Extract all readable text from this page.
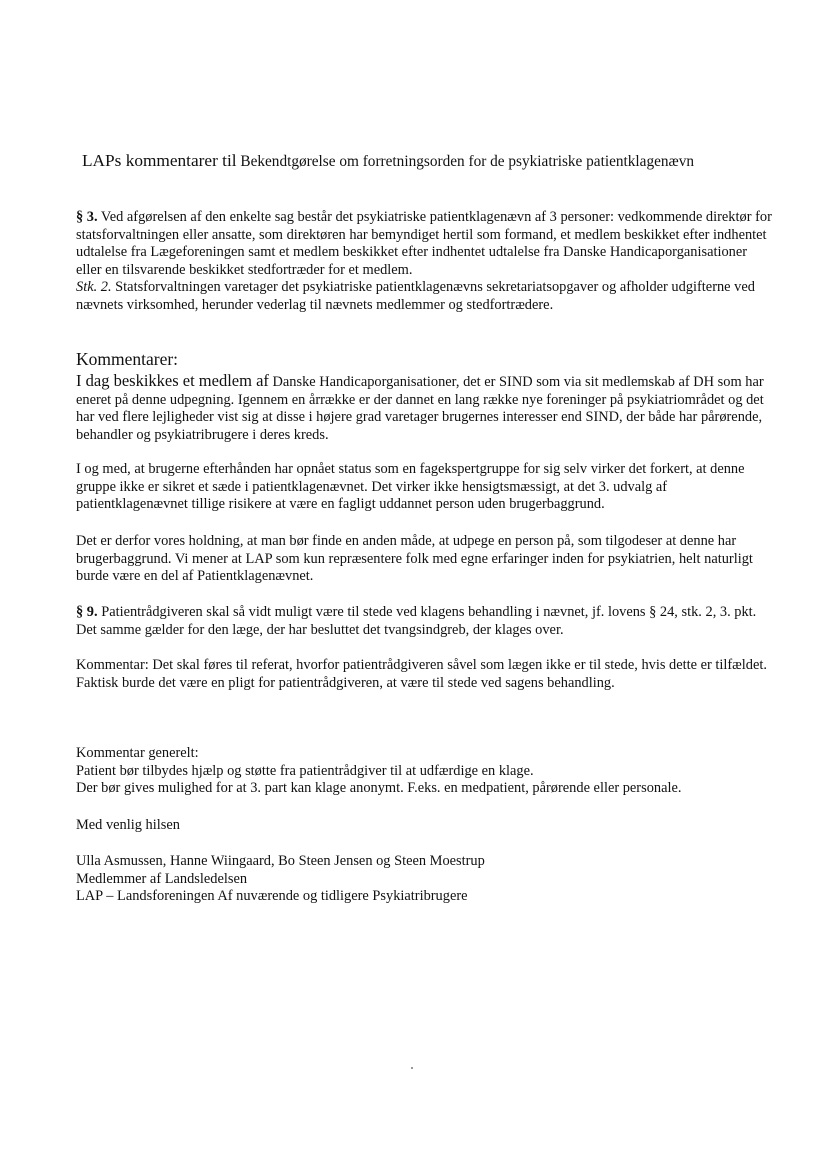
LAPs kommentarer til Bekendtgørelse om forretningsorden for de psykiatriske patientklagenævn

§ 3. Ved afgørelsen af den enkelte sag består det psykiatriske patientklagenævn af 3 personer: vedkommende direktør for statsforvaltningen eller ansatte, som direktøren har bemyndiget hertil som formand, et medlem beskikket efter indhentet udtalelse fra Lægeforeningen samt et medlem beskikket efter indhentet udtalelse fra Danske Handicaporganisationer eller en tilsvarende beskikket stedfortræder for et medlem.
Stk. 2. Statsforvaltningen varetager det psykiatriske patientklagenævns sekretariatsopgaver og afholder udgifterne ved nævnets virksomhed, herunder vederlag til nævnets medlemmer og stedfortrædere.

Kommentarer:

I dag beskikkes et medlem af Danske Handicaporganisationer, det er SIND som via sit medlemskab af DH som har eneret på denne udpegning. Igennem en årrække er der dannet en lang række nye foreninger på psykiatriområdet og det har ved flere lejligheder vist sig at disse i højere grad varetager brugernes interesser end SIND, der både har pårørende, behandler og psykiatribrugere i deres kreds.

I og med, at brugerne efterhånden har opnået status som en fagekspertgruppe for sig selv virker det forkert, at denne gruppe ikke er sikret et sæde i patientklagenævnet. Det virker ikke hensigtsmæssigt, at det 3. udvalg af patientklagenævnet tillige risikere at være en fagligt uddannet person uden brugerbaggrund.

Det er derfor vores holdning, at man bør finde en anden måde, at udpege en person på, som tilgodeser at denne har brugerbaggrund. Vi mener at LAP som kun repræsentere folk med egne erfaringer inden for psykiatrien, helt naturligt burde være en del af Patientklagenævnet.

§ 9. Patientrådgiveren skal så vidt muligt være til stede ved klagens behandling i nævnet, jf. lovens § 24, stk. 2, 3. pkt. Det samme gælder for den læge, der har besluttet det tvangsindgreb, der klages over.

Kommentar: Det skal føres til referat, hvorfor patientrådgiveren såvel som lægen ikke er til stede, hvis dette er tilfældet. Faktisk burde det være en pligt for patientrådgiveren, at være til stede ved sagens behandling.

Kommentar generelt:
Patient bør tilbydes hjælp og støtte fra patientrådgiver til at udfærdige en klage.
Der bør gives mulighed for at 3. part kan klage anonymt. F.eks. en medpatient, pårørende eller personale.

Med venlig hilsen

Ulla Asmussen, Hanne Wiingaard, Bo Steen Jensen og Steen Moestrup
Medlemmer af Landsledelsen
LAP – Landsforeningen Af nuværende og tidligere Psykiatribrugere
